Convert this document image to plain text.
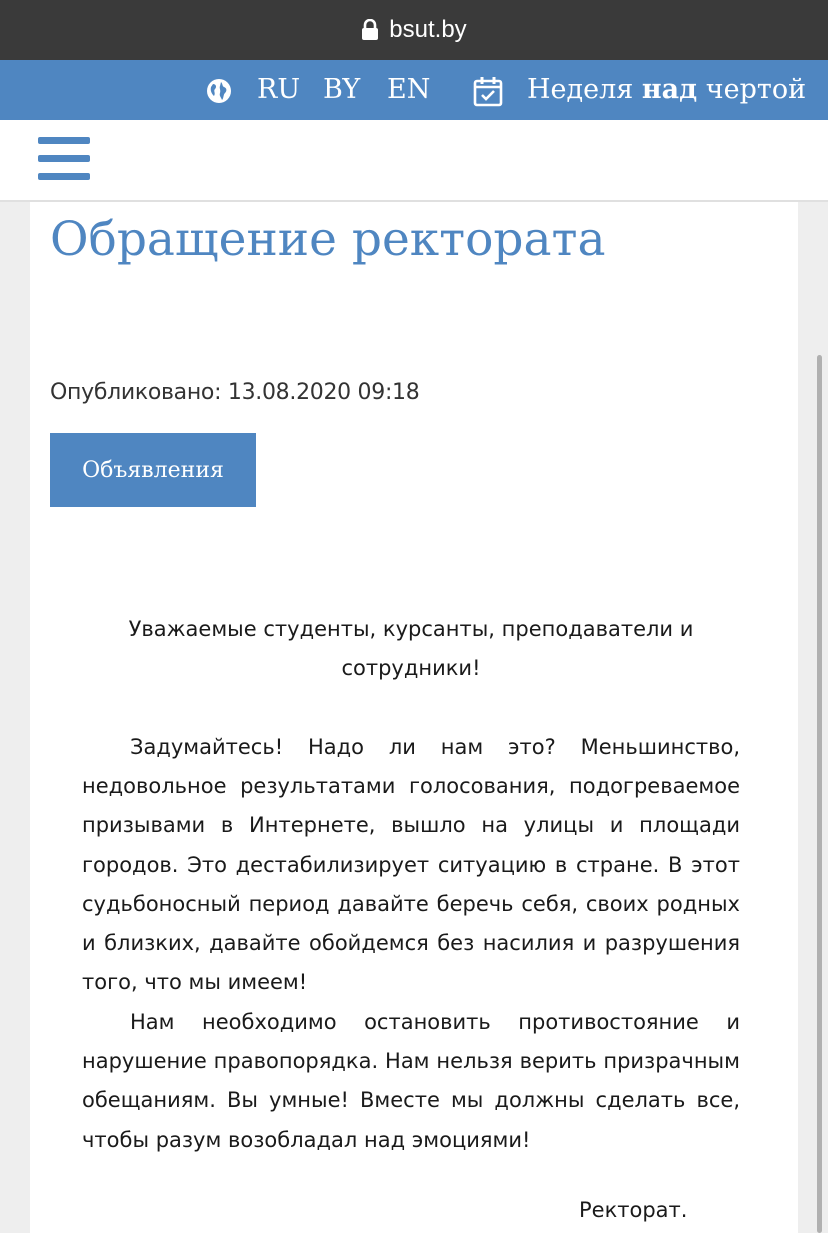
bsut.by
RU BY EN	Неделя над чертой
Обращение ректората
Опубликовано: 13.08.2020 09:18
Объявления
Уважаемые студенты, курсанты, преподаватели и сотрудники!

Задумайтесь! Надо ли нам это? Меньшинство, недовольное результатами голосования, подогреваемое призывами в Интернете, вышло на улицы и площади городов. Это дестабилизирует ситуацию в стране. В этот судьбоносный период давайте беречь себя, своих родных и близких, давайте обойдемся без насилия и разрушения того, что мы имеем!

Нам необходимо остановить противостояние и нарушение правопорядка. Нам нельзя верить призрачным обещаниям. Вы умные! Вместе мы должны сделать все, чтобы разум возобладал над эмоциями!

Ректорат.
